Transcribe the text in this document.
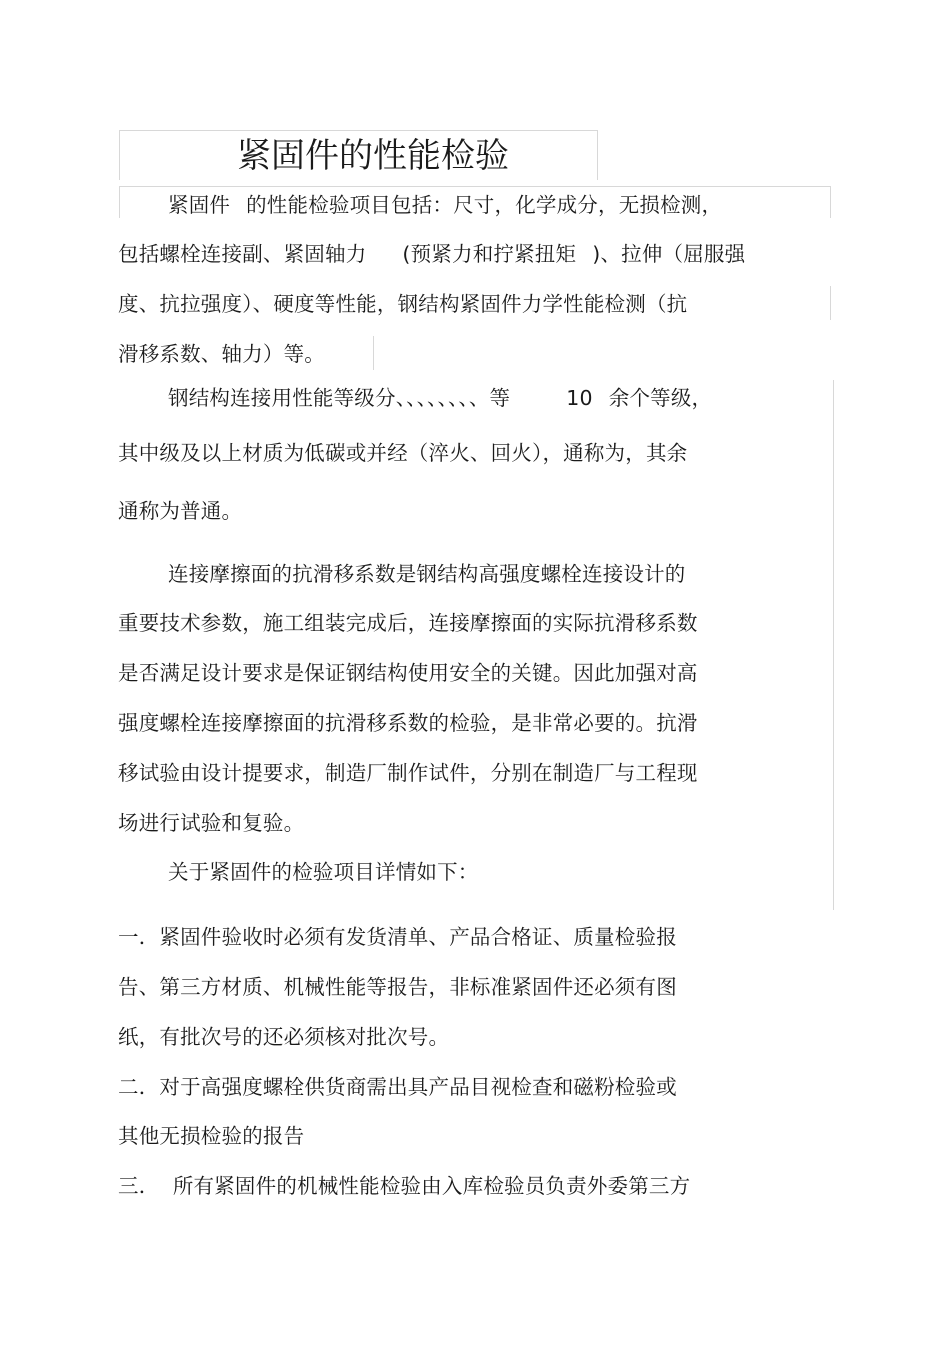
紧固件的性能检验
紧固件 的性能检验项目包括：尺寸，化学成分，无损检测，
包括螺栓连接副、紧固轴力 (预紧力和拧紧扭矩 )、拉伸（屈服强
度、抗拉强度）、硬度等性能，钢结构紧固件力学性能检测（抗
滑移系数、轴力）等。
钢结构连接用性能等级分、、、、、、、、等	10 余个等级，
其中级及以上材质为低碳或并经（淬火、回火），通称为，其余
通称为普通。
连接摩擦面的抗滑移系数是钢结构高强度螺栓连接设计的
重要技术参数，施工组装完成后，连接摩擦面的实际抗滑移系数
是否满足设计要求是保证钢结构使用安全的关键。因此加强对高
强度螺栓连接摩擦面的抗滑移系数的检验，是非常必要的。抗滑
移试验由设计提要求，制造厂制作试件，分别在制造厂与工程现
场进行试验和复验。
关于紧固件的检验项目详情如下：
一．紧固件验收时必须有发货清单、产品合格证、质量检验报
告、第三方材质、机械性能等报告，非标准紧固件还必须有图
纸，有批次号的还必须核对批次号。
二．对于高强度螺栓供货商需出具产品目视检查和磁粉检验或
其他无损检验的报告
三．  所有紧固件的机械性能检验由入库检验员负责外委第三方
